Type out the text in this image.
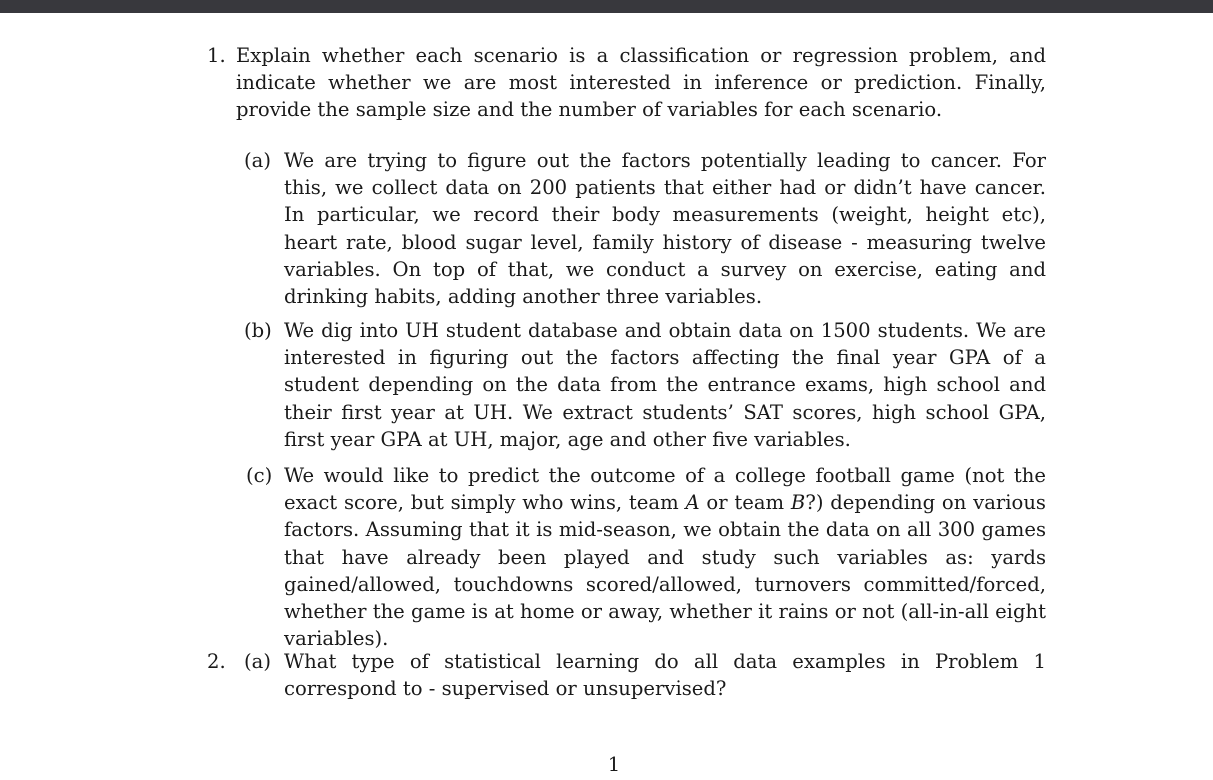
1. Explain whether each scenario is a classification or regression problem, and indicate whether we are most interested in inference or prediction. Finally, provide the sample size and the number of variables for each scenario.

(a) We are trying to figure out the factors potentially leading to cancer. For this, we collect data on 200 patients that either had or didn’t have cancer. In particular, we record their body measurements (weight, height etc), heart rate, blood sugar level, family history of disease - measuring twelve variables. On top of that, we conduct a survey on exercise, eating and drinking habits, adding another three variables.

(b) We dig into UH student database and obtain data on 1500 students. We are interested in figuring out the factors affecting the final year GPA of a student depending on the data from the entrance exams, high school and their first year at UH. We extract students’ SAT scores, high school GPA, first year GPA at UH, major, age and other five variables.

(c) We would like to predict the outcome of a college football game (not the exact score, but simply who wins, team A or team B?) depending on various factors. Assuming that it is mid-season, we obtain the data on all 300 games that have already been played and study such variables as: yards gained/allowed, touchdowns scored/allowed, turnovers committed/forced, whether the game is at home or away, whether it rains or not (all-in-all eight variables).

2. (a) What type of statistical learning do all data examples in Problem 1 correspond to - supervised or unsupervised?

1
